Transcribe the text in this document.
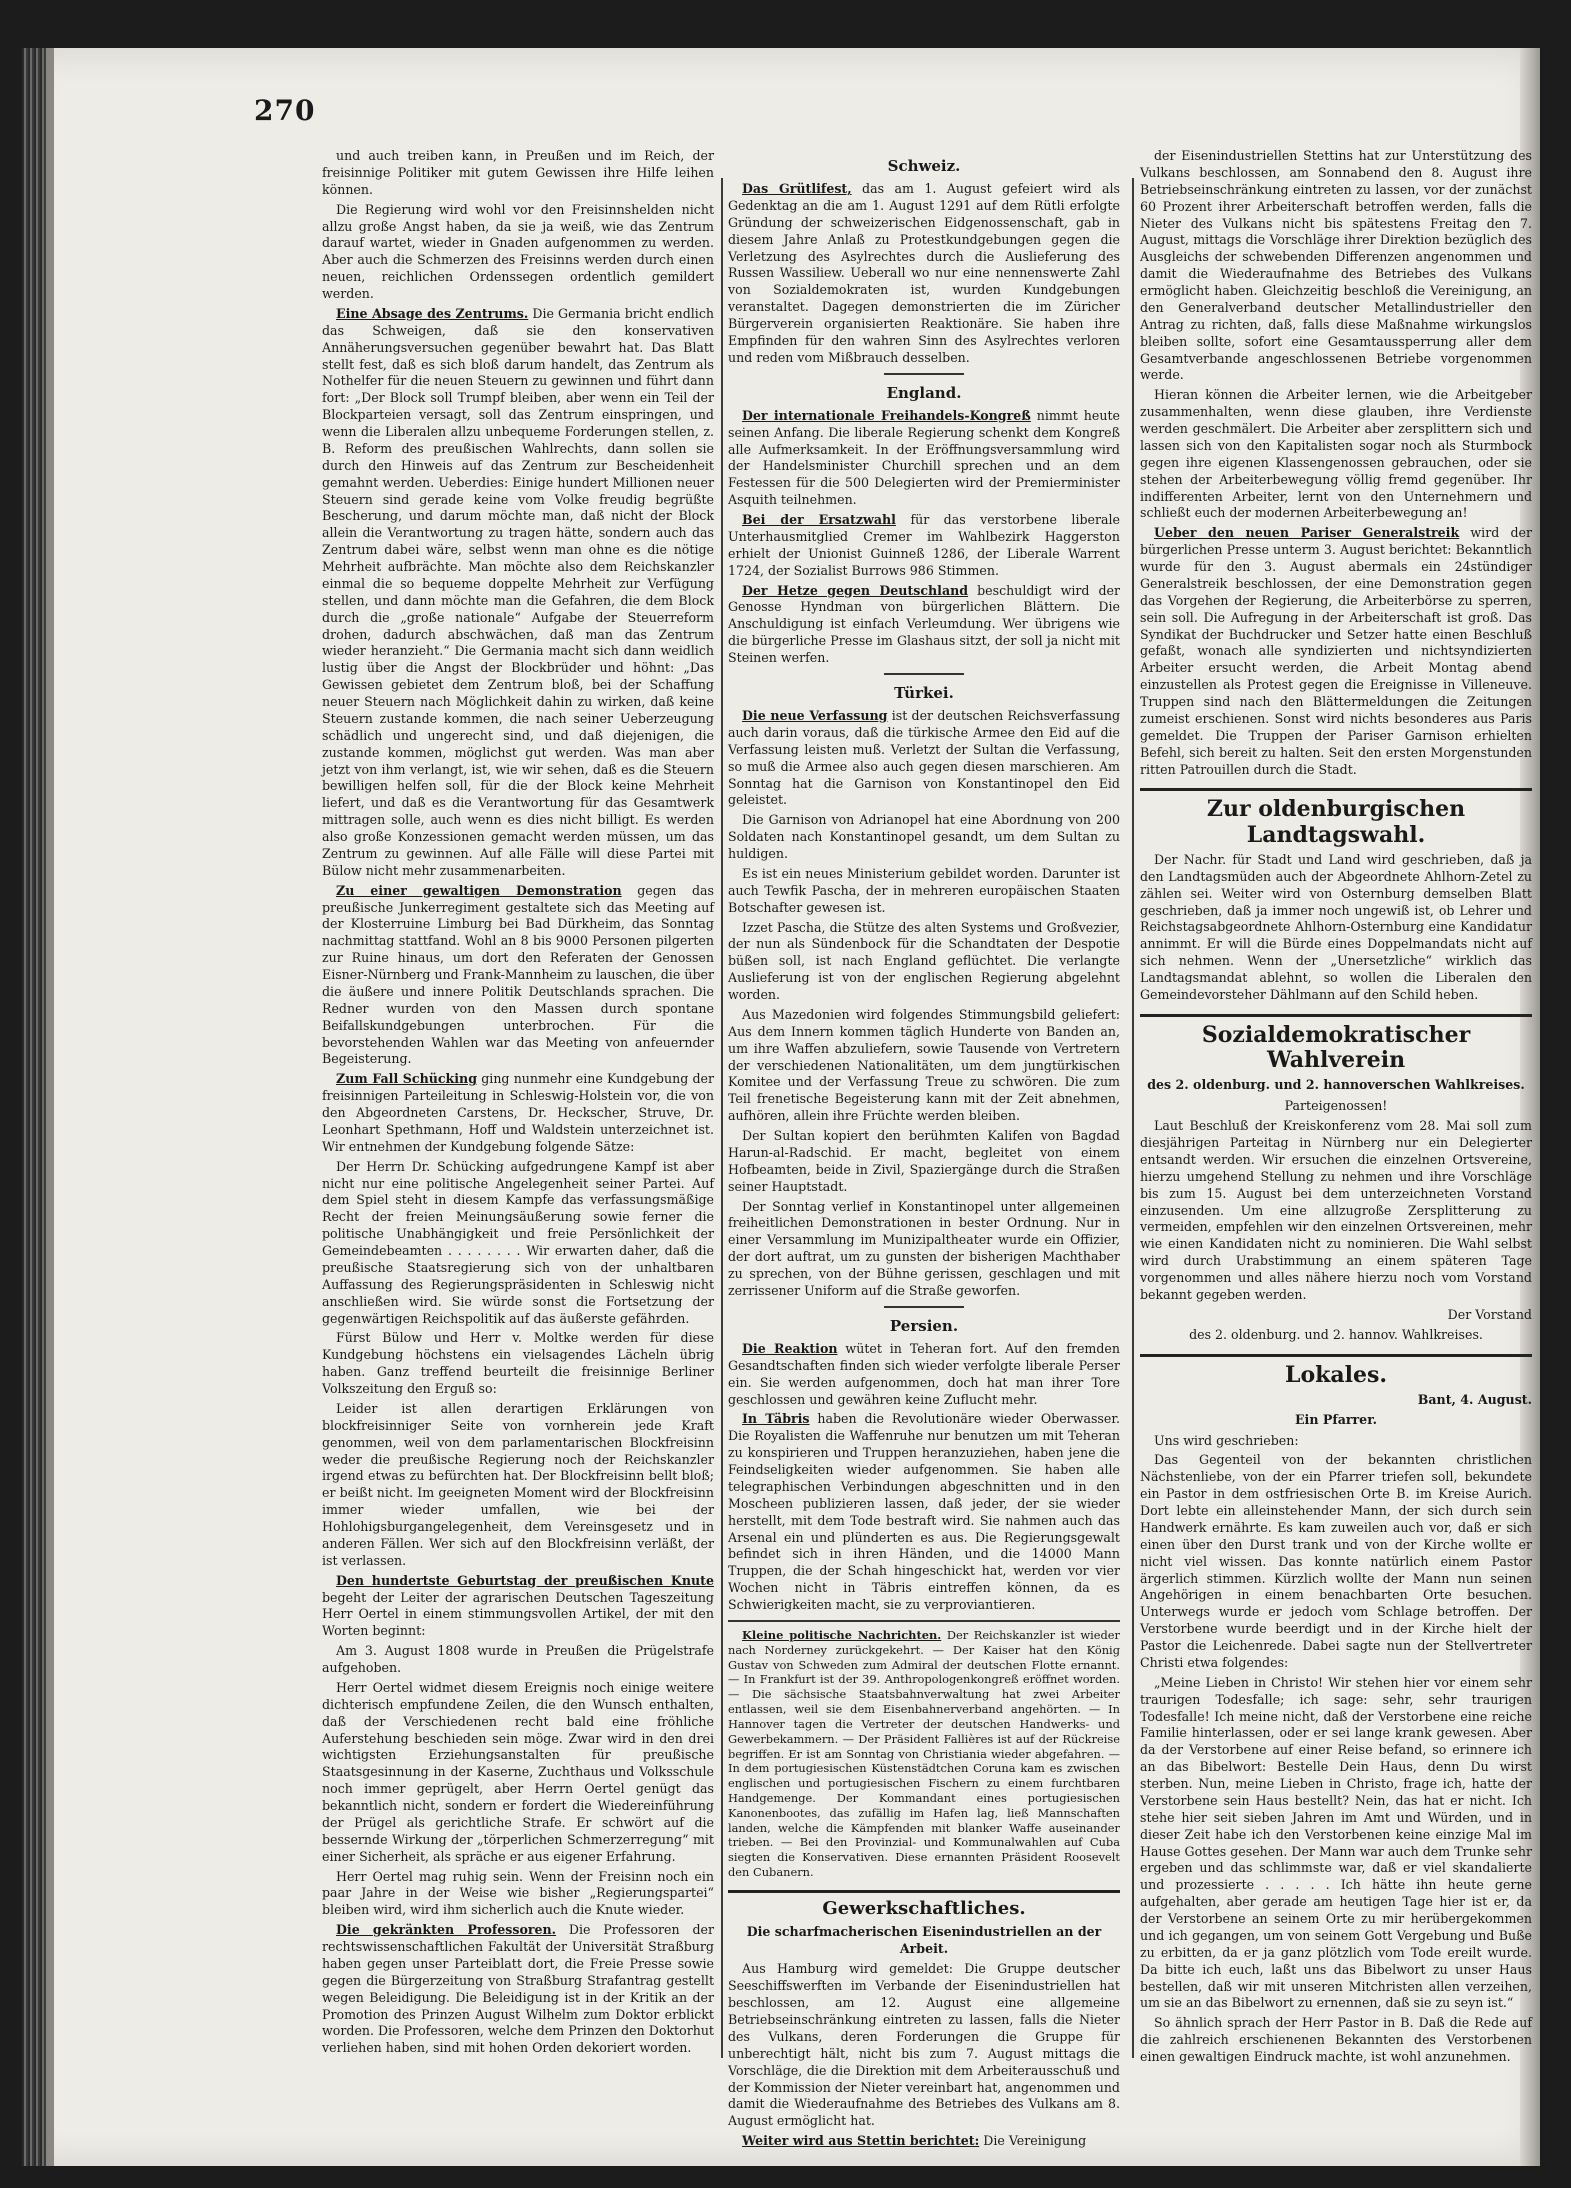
270

und auch treiben kann, in Preußen und im Reich, der freisinnige Politiker mit gutem Gewissen ihre Hilfe leihen können.

Die Regierung wird wohl vor den Freisinnshelden nicht allzu große Angst haben, da sie ja weiß, wie das Zentrum darauf wartet, wieder in Gnaden aufgenommen zu werden. Aber auch die Schmerzen des Freisinns werden durch einen neuen, reichlichen Ordenssegen ordentlich gemildert werden.

Eine Absage des Zentrums. Die Germania bricht endlich das Schweigen, daß sie den konservativen Annäherungsversuchen gegenüber bewahrt hat. Das Blatt stellt fest, daß es sich bloß darum handelt, das Zentrum als Nothelfer für die neuen Steuern zu gewinnen und führt dann fort: „Der Block soll Trumpf bleiben, aber wenn ein Teil der Blockparteien versagt, soll das Zentrum einspringen, und wenn die Liberalen allzu unbequeme Forderungen stellen, z. B. Reform des preußischen Wahlrechts, dann sollen sie durch den Hinweis auf das Zentrum zur Bescheidenheit gemahnt werden. Ueberdies: Einige hundert Millionen neuer Steuern sind gerade keine vom Volke freudig begrüßte Bescherung, und darum möchte man, daß nicht der Block allein die Verantwortung zu tragen hätte, sondern auch das Zentrum dabei wäre, selbst wenn man ohne es die nötige Mehrheit aufbrächte. Man möchte also dem Reichskanzler einmal die so bequeme doppelte Mehrheit zur Verfügung stellen, und dann möchte man die Gefahren, die dem Block durch die „große nationale“ Aufgabe der Steuerreform drohen, dadurch abschwächen, daß man das Zentrum wieder heranzieht.“ Die Germania macht sich dann weidlich lustig über die Angst der Blockbrüder und höhnt: „Das Gewissen gebietet dem Zentrum bloß, bei der Schaffung neuer Steuern nach Möglichkeit dahin zu wirken, daß keine Steuern zustande kommen, die nach seiner Ueberzeugung schädlich und ungerecht sind, und daß diejenigen, die zustande kommen, möglichst gut werden. Was man aber jetzt von ihm verlangt, ist, wie wir sehen, daß es die Steuern bewilligen helfen soll, für die der Block keine Mehrheit liefert, und daß es die Verantwortung für das Gesamtwerk mittragen solle, auch wenn es dies nicht billigt. Es werden also große Konzessionen gemacht werden müssen, um das Zentrum zu gewinnen. Auf alle Fälle will diese Partei mit Bülow nicht mehr zusammenarbeiten.

Zu einer gewaltigen Demonstration gegen das preußische Junkerregiment gestaltete sich das Meeting auf der Klosterruine Limburg bei Bad Dürkheim, das Sonntag nachmittag stattfand. Wohl an 8 bis 9000 Personen pilgerten zur Ruine hinaus, um dort den Referaten der Genossen Eisner-Nürnberg und Frank-Mannheim zu lauschen, die über die äußere und innere Politik Deutschlands sprachen. Die Redner wurden von den Massen durch spontane Beifallskundgebungen unterbrochen. Für die bevorstehenden Wahlen war das Meeting von anfeuernder Begeisterung.

Zum Fall Schücking ging nunmehr eine Kundgebung der freisinnigen Parteileitung in Schleswig-Holstein vor, die von den Abgeordneten Carstens, Dr. Heckscher, Struve, Dr. Leonhart Spethmann, Hoff und Waldstein unterzeichnet ist. Wir entnehmen der Kundgebung folgende Sätze:

Der Herrn Dr. Schücking aufgedrungene Kampf ist aber nicht nur eine politische Angelegenheit seiner Partei. Auf dem Spiel steht in diesem Kampfe das verfassungsmäßige Recht der freien Meinungsäußerung sowie ferner die politische Unabhängigkeit und freie Persönlichkeit der Gemeindebeamten . . . . . . . . Wir erwarten daher, daß die preußische Staatsregierung sich von der unhaltbaren Auffassung des Regierungspräsidenten in Schleswig nicht anschließen wird. Sie würde sonst die Fortsetzung der gegenwärtigen Reichspolitik auf das äußerste gefährden.

Fürst Bülow und Herr v. Moltke werden für diese Kundgebung höchstens ein vielsagendes Lächeln übrig haben. Ganz treffend beurteilt die freisinnige Berliner Volkszeitung den Erguß so:

Leider ist allen derartigen Erklärungen von blockfreisinniger Seite von vornherein jede Kraft genommen, weil von dem parlamentarischen Blockfreisinn weder die preußische Regierung noch der Reichskanzler irgend etwas zu befürchten hat. Der Blockfreisinn bellt bloß; er beißt nicht. Im geeigneten Moment wird der Blockfreisinn immer wieder umfallen, wie bei der Hohlohigsburgangelegenheit, dem Vereinsgesetz und in anderen Fällen. Wer sich auf den Blockfreisinn verläßt, der ist verlassen.

Den hundertste Geburtstag der preußischen Knute begeht der Leiter der agrarischen Deutschen Tageszeitung Herr Oertel in einem stimmungsvollen Artikel, der mit den Worten beginnt:

Am 3. August 1808 wurde in Preußen die Prügelstrafe aufgehoben.

Herr Oertel widmet diesem Ereignis noch einige weitere dichterisch empfundene Zeilen, die den Wunsch enthalten, daß der Verschiedenen recht bald eine fröhliche Auferstehung beschieden sein möge. Zwar wird in den drei wichtigsten Erziehungsanstalten für preußische Staatsgesinnung in der Kaserne, Zuchthaus und Volksschule noch immer geprügelt, aber Herrn Oertel genügt das bekanntlich nicht, sondern er fordert die Wiedereinführung der Prügel als gerichtliche Strafe. Er schwört auf die bessernde Wirkung der „törperlichen Schmerzerregung“ mit einer Sicherheit, als spräche er aus eigener Erfahrung.

Herr Oertel mag ruhig sein. Wenn der Freisinn noch ein paar Jahre in der Weise wie bisher „Regierungspartei“ bleiben wird, wird ihm sicherlich auch die Knute wieder.

Die gekränkten Professoren. Die Professoren der rechtswissenschaftlichen Fakultät der Universität Straßburg haben gegen unser Parteiblatt dort, die Freie Presse sowie gegen die Bürgerzeitung von Straßburg Strafantrag gestellt wegen Beleidigung. Die Beleidigung ist in der Kritik an der Promotion des Prinzen August Wilhelm zum Doktor erblickt worden. Die Professoren, welche dem Prinzen den Doktorhut verliehen haben, sind mit hohen Orden dekoriert worden.

Schweiz.

Das Grütlifest, das am 1. August gefeiert wird als Gedenktag an die am 1. August 1291 auf dem Rütli erfolgte Gründung der schweizerischen Eidgenossenschaft, gab in diesem Jahre Anlaß zu Protestkundgebungen gegen die Verletzung des Asylrechtes durch die Auslieferung des Russen Wassiliew. Ueberall wo nur eine nennenswerte Zahl von Sozialdemokraten ist, wurden Kundgebungen veranstaltet. Dagegen demonstrierten die im Züricher Bürgerverein organisierten Reaktionäre. Sie haben ihre Empfinden für den wahren Sinn des Asylrechtes verloren und reden vom Mißbrauch desselben.

England.

Der internationale Freihandels-Kongreß nimmt heute seinen Anfang. Die liberale Regierung schenkt dem Kongreß alle Aufmerksamkeit. In der Eröffnungsversammlung wird der Handelsminister Churchill sprechen und an dem Festessen für die 500 Delegierten wird der Premierminister Asquith teilnehmen.

Bei der Ersatzwahl für das verstorbene liberale Unterhausmitglied Cremer im Wahlbezirk Haggerston erhielt der Unionist Guinneß 1286, der Liberale Warrent 1724, der Sozialist Burrows 986 Stimmen.

Der Hetze gegen Deutschland beschuldigt wird der Genosse Hyndman von bürgerlichen Blättern. Die Anschuldigung ist einfach Verleumdung. Wer übrigens wie die bürgerliche Presse im Glashaus sitzt, der soll ja nicht mit Steinen werfen.

Türkei.

Die neue Verfassung ist der deutschen Reichsverfassung auch darin voraus, daß die türkische Armee den Eid auf die Verfassung leisten muß. Verletzt der Sultan die Verfassung, so muß die Armee also auch gegen diesen marschieren. Am Sonntag hat die Garnison von Konstantinopel den Eid geleistet.

Die Garnison von Adrianopel hat eine Abordnung von 200 Soldaten nach Konstantinopel gesandt, um dem Sultan zu huldigen.

Es ist ein neues Ministerium gebildet worden. Darunter ist auch Tewfik Pascha, der in mehreren europäischen Staaten Botschafter gewesen ist.

Izzet Pascha, die Stütze des alten Systems und Großvezier, der nun als Sündenbock für die Schandtaten der Despotie büßen soll, ist nach England geflüchtet. Die verlangte Auslieferung ist von der englischen Regierung abgelehnt worden.

Aus Mazedonien wird folgendes Stimmungsbild geliefert: Aus dem Innern kommen täglich Hunderte von Banden an, um ihre Waffen abzuliefern, sowie Tausende von Vertretern der verschiedenen Nationalitäten, um dem jungtürkischen Komitee und der Verfassung Treue zu schwören. Die zum Teil frenetische Begeisterung kann mit der Zeit abnehmen, aufhören, allein ihre Früchte werden bleiben.

Der Sultan kopiert den berühmten Kalifen von Bagdad Harun-al-Radschid. Er macht, begleitet von einem Hofbeamten, beide in Zivil, Spaziergänge durch die Straßen seiner Hauptstadt.

Der Sonntag verlief in Konstantinopel unter allgemeinen freiheitlichen Demonstrationen in bester Ordnung. Nur in einer Versammlung im Munizipaltheater wurde ein Offizier, der dort auftrat, um zu gunsten der bisherigen Machthaber zu sprechen, von der Bühne gerissen, geschlagen und mit zerrissener Uniform auf die Straße geworfen.

Persien.

Die Reaktion wütet in Teheran fort. Auf den fremden Gesandtschaften finden sich wieder verfolgte liberale Perser ein. Sie werden aufgenommen, doch hat man ihrer Tore geschlossen und gewähren keine Zuflucht mehr.

In Täbris haben die Revolutionäre wieder Oberwasser. Die Royalisten die Waffenruhe nur benutzen um mit Teheran zu konspirieren und Truppen heranzuziehen, haben jene die Feindseligkeiten wieder aufgenommen. Sie haben alle telegraphischen Verbindungen abgeschnitten und in den Moscheen publizieren lassen, daß jeder, der sie wieder herstellt, mit dem Tode bestraft wird. Sie nahmen auch das Arsenal ein und plünderten es aus. Die Regierungsgewalt befindet sich in ihren Händen, und die 14000 Mann Truppen, die der Schah hingeschickt hat, werden vor vier Wochen nicht in Täbris eintreffen können, da es Schwierigkeiten macht, sie zu verproviantieren.

Kleine politische Nachrichten. Der Reichskanzler ist wieder nach Norderney zurückgekehrt. — Der Kaiser hat den König Gustav von Schweden zum Admiral der deutschen Flotte ernannt. — In Frankfurt ist der 39. Anthropologenkongreß eröffnet worden. — Die sächsische Staatsbahnverwaltung hat zwei Arbeiter entlassen, weil sie dem Eisenbahnerverband angehörten. — In Hannover tagen die Vertreter der deutschen Handwerks- und Gewerbekammern. — Der Präsident Fallières ist auf der Rückreise begriffen. Er ist am Sonntag von Christiania wieder abgefahren. — In dem portugiesischen Küstenstädtchen Coruna kam es zwischen englischen und portugiesischen Fischern zu einem furchtbaren Handgemenge. Der Kommandant eines portugiesischen Kanonenbootes, das zufällig im Hafen lag, ließ Mannschaften landen, welche die Kämpfenden mit blanker Waffe auseinander trieben. — Bei den Provinzial- und Kommunalwahlen auf Cuba siegten die Konservativen. Diese ernannten Präsident Roosevelt den Cubanern.

Gewerkschaftliches.
Die scharfmacherischen Eisenindustriellen an der Arbeit.

Aus Hamburg wird gemeldet: Die Gruppe deutscher Seeschiffswerften im Verbande der Eisenindustriellen hat beschlossen, am 12. August eine allgemeine Betriebseinschränkung eintreten zu lassen, falls die Nieter des Vulkans, deren Forderungen die Gruppe für unberechtigt hält, nicht bis zum 7. August mittags die Vorschläge, die die Direktion mit dem Arbeiterausschuß und der Kommission der Nieter vereinbart hat, angenommen und damit die Wiederaufnahme des Betriebes des Vulkans am 8. August ermöglicht hat.

Weiter wird aus Stettin berichtet: Die Vereinigung

der Eisenindustriellen Stettins hat zur Unterstützung des Vulkans beschlossen, am Sonnabend den 8. August ihre Betriebseinschränkung eintreten zu lassen, vor der zunächst 60 Prozent ihrer Arbeiterschaft betroffen werden, falls die Nieter des Vulkans nicht bis spätestens Freitag den 7. August, mittags die Vorschläge ihrer Direktion bezüglich des Ausgleichs der schwebenden Differenzen angenommen und damit die Wiederaufnahme des Betriebes des Vulkans ermöglicht haben. Gleichzeitig beschloß die Vereinigung, an den Generalverband deutscher Metallindustrieller den Antrag zu richten, daß, falls diese Maßnahme wirkungslos bleiben sollte, sofort eine Gesamtaussperrung aller dem Gesamtverbande angeschlossenen Betriebe vorgenommen werde.

Hieran können die Arbeiter lernen, wie die Arbeitgeber zusammenhalten, wenn diese glauben, ihre Verdienste werden geschmälert. Die Arbeiter aber zersplittern sich und lassen sich von den Kapitalisten sogar noch als Sturmbock gegen ihre eigenen Klassengenossen gebrauchen, oder sie stehen der Arbeiterbewegung völlig fremd gegenüber. Ihr indifferenten Arbeiter, lernt von den Unternehmern und schließt euch der modernen Arbeiterbewegung an!

Ueber den neuen Pariser Generalstreik wird der bürgerlichen Presse unterm 3. August berichtet: Bekanntlich wurde für den 3. August abermals ein 24stündiger Generalstreik beschlossen, der eine Demonstration gegen das Vorgehen der Regierung, die Arbeiterbörse zu sperren, sein soll. Die Aufregung in der Arbeiterschaft ist groß. Das Syndikat der Buchdrucker und Setzer hatte einen Beschluß gefaßt, wonach alle syndizierten und nichtsyndizierten Arbeiter ersucht werden, die Arbeit Montag abend einzustellen als Protest gegen die Ereignisse in Villeneuve. Truppen sind nach den Blättermeldungen die Zeitungen zumeist erschienen. Sonst wird nichts besonderes aus Paris gemeldet. Die Truppen der Pariser Garnison erhielten Befehl, sich bereit zu halten. Seit den ersten Morgenstunden ritten Patrouillen durch die Stadt.

Zur oldenburgischen Landtagswahl.

Der Nachr. für Stadt und Land wird geschrieben, daß ja den Landtagsmüden auch der Abgeordnete Ahlhorn-Zetel zu zählen sei. Weiter wird von Osternburg demselben Blatt geschrieben, daß ja immer noch ungewiß ist, ob Lehrer und Reichstagsabgeordnete Ahlhorn-Osternburg eine Kandidatur annimmt. Er will die Bürde eines Doppelmandats nicht auf sich nehmen. Wenn der „Unersetzliche“ wirklich das Landtagsmandat ablehnt, so wollen die Liberalen den Gemeindevorsteher Dählmann auf den Schild heben.

Sozialdemokratischer Wahlverein
des 2. oldenburg. und 2. hannoverschen Wahlkreises.

Parteigenossen!

Laut Beschluß der Kreiskonferenz vom 28. Mai soll zum diesjährigen Parteitag in Nürnberg nur ein Delegierter entsandt werden. Wir ersuchen die einzelnen Ortsvereine, hierzu umgehend Stellung zu nehmen und ihre Vorschläge bis zum 15. August bei dem unterzeichneten Vorstand einzusenden. Um eine allzugroße Zersplitterung zu vermeiden, empfehlen wir den einzelnen Ortsvereinen, mehr wie einen Kandidaten nicht zu nominieren. Die Wahl selbst wird durch Urabstimmung an einem späteren Tage vorgenommen und alles nähere hierzu noch vom Vorstand bekannt gegeben werden.

Der Vorstand

des 2. oldenburg. und 2. hannov. Wahlkreises.

Lokales.

Bant, 4. August.

Ein Pfarrer.

Uns wird geschrieben:

Das Gegenteil von der bekannten christlichen Nächstenliebe, von der ein Pfarrer triefen soll, bekundete ein Pastor in dem ostfriesischen Orte B. im Kreise Aurich. Dort lebte ein alleinstehender Mann, der sich durch sein Handwerk ernährte. Es kam zuweilen auch vor, daß er sich einen über den Durst trank und von der Kirche wollte er nicht viel wissen. Das konnte natürlich einem Pastor ärgerlich stimmen. Kürzlich wollte der Mann nun seinen Angehörigen in einem benachbarten Orte besuchen. Unterwegs wurde er jedoch vom Schlage betroffen. Der Verstorbene wurde beerdigt und in der Kirche hielt der Pastor die Leichenrede. Dabei sagte nun der Stellvertreter Christi etwa folgendes:

„Meine Lieben in Christo! Wir stehen hier vor einem sehr traurigen Todesfalle; ich sage: sehr, sehr traurigen Todesfalle! Ich meine nicht, daß der Verstorbene eine reiche Familie hinterlassen, oder er sei lange krank gewesen. Aber da der Verstorbene auf einer Reise befand, so erinnere ich an das Bibelwort: Bestelle Dein Haus, denn Du wirst sterben. Nun, meine Lieben in Christo, frage ich, hatte der Verstorbene sein Haus bestellt? Nein, das hat er nicht. Ich stehe hier seit sieben Jahren im Amt und Würden, und in dieser Zeit habe ich den Verstorbenen keine einzige Mal im Hause Gottes gesehen. Der Mann war auch dem Trunke sehr ergeben und das schlimmste war, daß er viel skandalierte und prozessierte . . . . . Ich hätte ihn heute gerne aufgehalten, aber gerade am heutigen Tage hier ist er, da der Verstorbene an seinem Orte zu mir herübergekommen und ich gegangen, um von seinem Gott Vergebung und Buße zu erbitten, da er ja ganz plötzlich vom Tode ereilt wurde. Da bitte ich euch, laßt uns das Bibelwort zu unser Haus bestellen, daß wir mit unseren Mitchristen allen verzeihen, um sie an das Bibelwort zu ernennen, daß sie zu seyn ist.“

So ähnlich sprach der Herr Pastor in B. Daß die Rede auf die zahlreich erschienenen Bekannten des Verstorbenen einen gewaltigen Eindruck machte, ist wohl anzunehmen.
